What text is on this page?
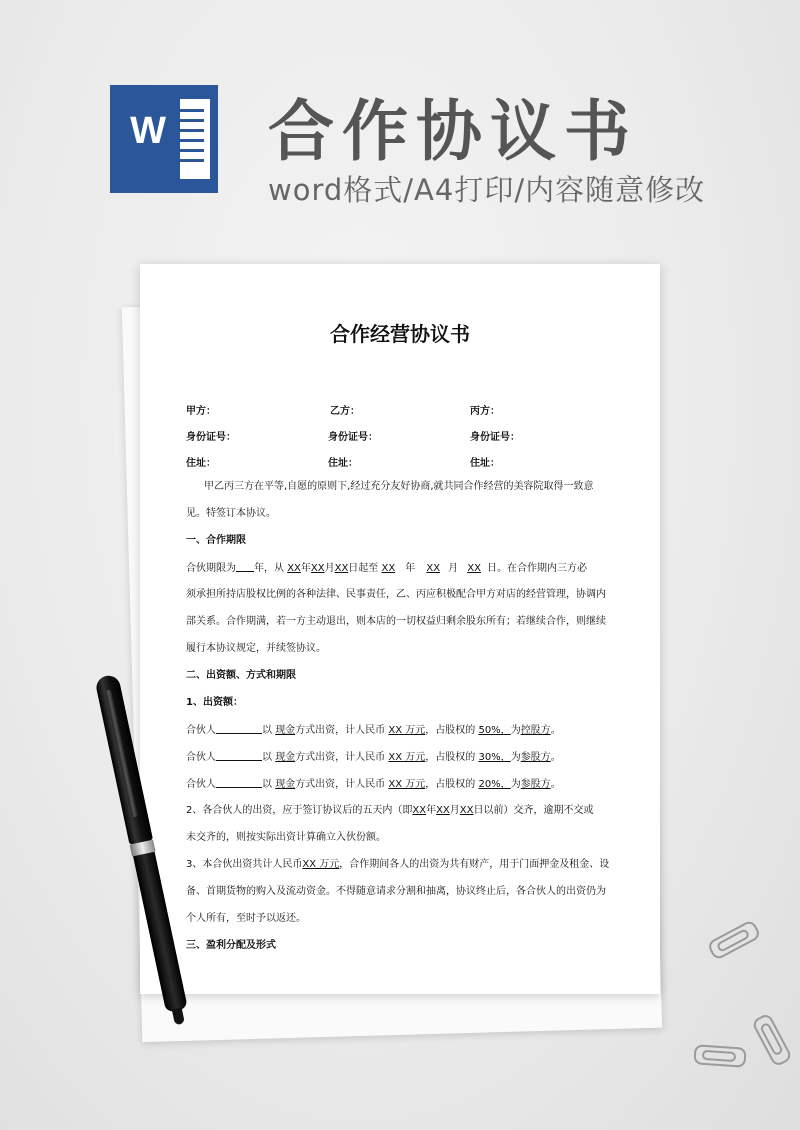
W 合作协议书
word格式/A4打印/内容随意修改
合作经营协议书
甲方：	乙方：	丙方：
身份证号：	身份证号：	身份证号：
住址：	住址：	住址：
甲乙丙三方在平等,自愿的原则下,经过充分友好协商,就共同合作经营的美容院取得一致意
见。特签订本协议。
一、合作期限
合伙期限为 年，从 XX年XX月XX日起至 XX 年 XX 月 XX 日。在合作期内三方必
须承担所持店股权比例的各种法律、民事责任，乙、丙应积极配合甲方对店的经营管理，协调内
部关系。合作期满，若一方主动退出，则本店的一切权益归剩余股东所有；若继续合作，则继续
履行本协议规定，并续签协议。
二、出资额、方式和期限
1、出资额：
合伙人	以 现金方式出资，计人民币 XX 万元，占股权的 50%，为控股方。
合伙人	以 现金方式出资，计人民币 XX 万元，占股权的 30%，为参股方。
合伙人	以 现金方式出资，计人民币 XX 万元，占股权的 20%，为参股方。
2、各合伙人的出资，应于签订协议后的五天内（即XX年XX月XX日以前）交齐，逾期不交或
未交齐的，则按实际出资计算确立入伙份额。
3、本合伙出资共计人民币XX 万元，合作期间各人的出资为共有财产，用于门面押金及租金、设
备、首期货物的购入及流动资金。不得随意请求分割和抽离，协议终止后，各合伙人的出资仍为
个人所有，至时予以返还。
三、盈利分配及形式
